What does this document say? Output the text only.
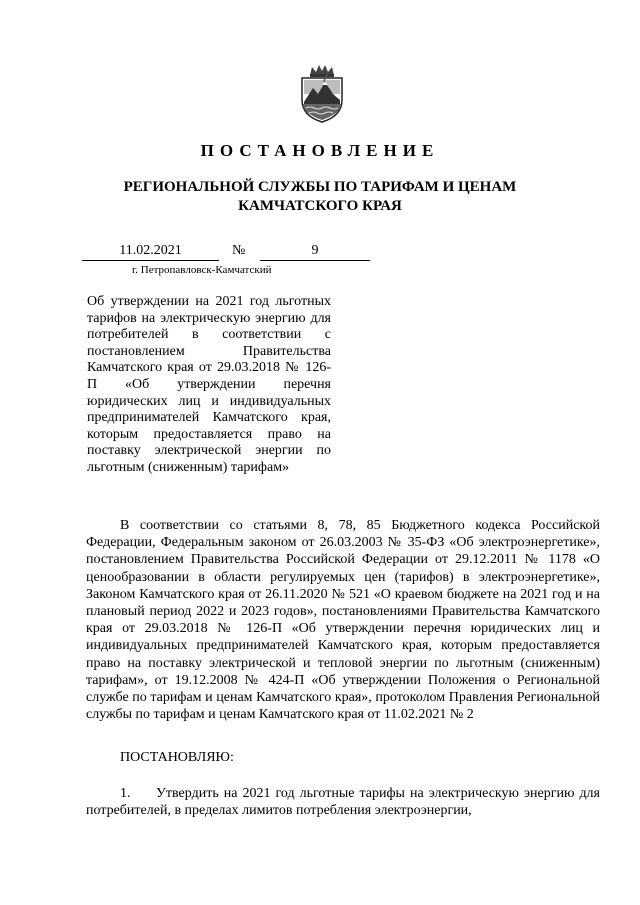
ПОСТАНОВЛЕНИЕ
РЕГИОНАЛЬНОЙ СЛУЖБЫ ПО ТАРИФАМ И ЦЕНАМ
КАМЧАТСКОГО КРАЯ
11.02.2021	№	9
г. Петропавловск-Камчатский
Об утверждении на 2021 год льготных тарифов на электрическую энергию для потребителей в соответствии с постановлением Правительства Камчатского края от 29.03.2018 № 126-П «Об утверждении перечня юридических лиц и индивидуальных предпринимателей Камчатского края, которым предоставляется право на поставку электрической энергии по льготным (сниженным) тарифам»

В соответствии со статьями 8, 78, 85 Бюджетного кодекса Российской Федерации, Федеральным законом от 26.03.2003 № 35-ФЗ «Об электроэнергетике», постановлением Правительства Российской Федерации от 29.12.2011 № 1178 «О ценообразовании в области регулируемых цен (тарифов) в электроэнергетике», Законом Камчатского края от 26.11.2020 № 521 «О краевом бюджете на 2021 год и на плановый период 2022 и 2023 годов», постановлениями Правительства Камчатского края от 29.03.2018 № 126-П «Об утверждении перечня юридических лиц и индивидуальных предпринимателей Камчатского края, которым предоставляется право на поставку электрической и тепловой энергии по льготным (сниженным) тарифам», от 19.12.2008 № 424-П «Об утверждении Положения о Региональной службе по тарифам и ценам Камчатского края», протоколом Правления Региональной службы по тарифам и ценам Камчатского края от 11.02.2021 № 2

ПОСТАНОВЛЯЮ:

1. Утвердить на 2021 год льготные тарифы на электрическую энергию для потребителей, в пределах лимитов потребления электроэнергии,
